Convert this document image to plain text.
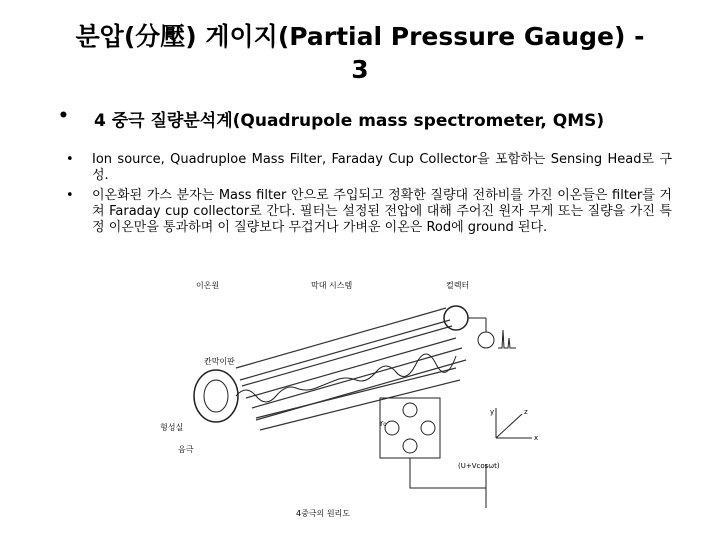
분압(分壓) 게이지(Partial Pressure Gauge) -
3
• 4 중극 질량분석계(Quadrupole mass spectrometer, QMS)
• Ion source, Quadruploe Mass Filter, Faraday Cup Collector을 포함하는 Sensing Head로 구성.
• 이온화된 가스 분자는 Mass filter 안으로 주입되고 정확한 질량대 전하비를 가진 이온들은 filter를 거쳐 Faraday cup collector로 간다. 필터는 설정된 전압에 대해 주어진 원자 무게 또는 질량을 가진 특정 이온만을 통과하며 이 질량보다 무겁거나 가벼운 이온은 Rod에 ground 된다.
이온원	막대 시스템	컬렉터
칸막이판
형성실
음극
r₀
(U+Vcosωt)
y	z
x
4중극의 원리도
